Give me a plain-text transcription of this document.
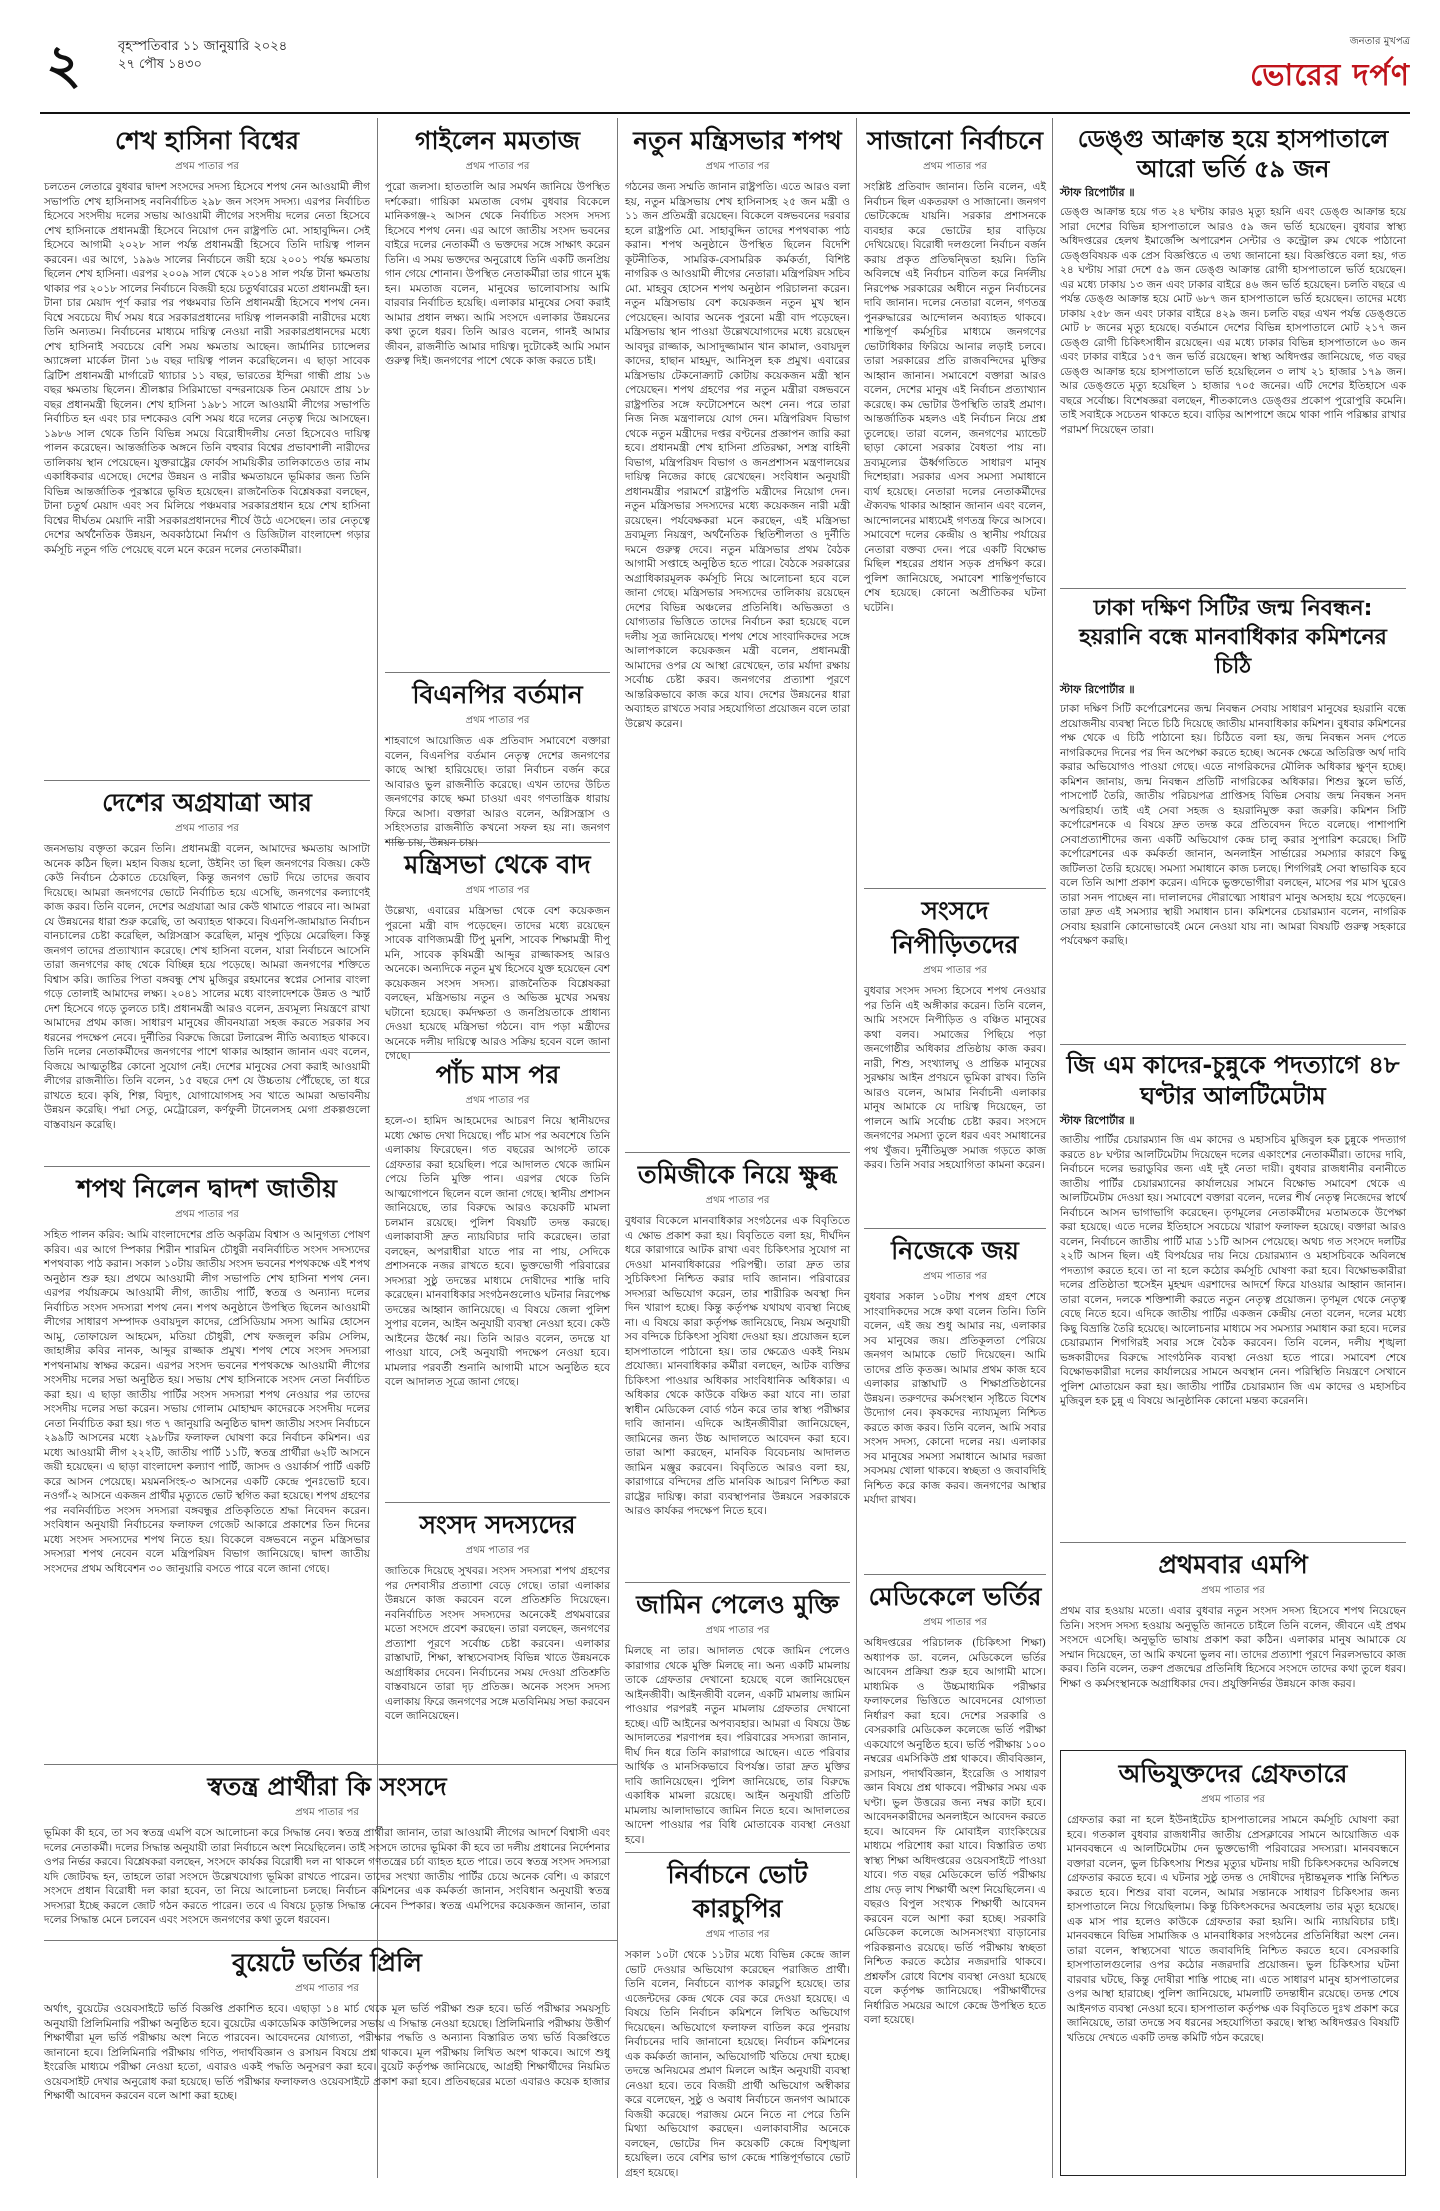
২	বৃহস্পতিবার ১১ জানুয়ারি ২০২৪
২৭ পৌষ ১৪৩০
জনতার মুখপত্র
ভোরের দর্পণ
শেখ হাসিনা বিশ্বের
প্রথম পাতার পর

চলতেন লেতারে বুধবার দ্বাদশ সংসদের সদস্য হিসেবে শপথ নেন আওয়ামী লীগ সভাপতি শেখ হাসিনাসহ নবনির্বাচিত ২৯৮ জন সংসদ সদস্য। এরপর নির্বাচিত হিসেবে সংসদীয় দলের সভায় আওয়ামী লীগের সংসদীয় দলের নেতা হিসেবে শেখ হাসিনাকে প্রধানমন্ত্রী হিসেবে নিয়োগ দেন রাষ্ট্রপতি মো. সাহাবুদ্দিন। সেই হিসেবে আগামী ২০২৮ সাল পর্যন্ত প্রধানমন্ত্রী হিসেবে তিনি দায়িত্ব পালন করবেন। এর আগে, ১৯৯৬ সালের নির্বাচনে জয়ী হয়ে ২০০১ পর্যন্ত ক্ষমতায় ছিলেন শেখ হাসিনা। এরপর ২০০৯ সাল থেকে ২০১৪ সাল পর্যন্ত টানা ক্ষমতায় থাকার পর ২০১৮ সালের নির্বাচনে বিজয়ী হয়ে চতুর্থবারের মতো প্রধানমন্ত্রী হন। টানা চার মেয়াদ পূর্ণ করার পর পঞ্চমবার তিনি প্রধানমন্ত্রী হিসেবে শপথ নেন। বিশ্বে সবচেয়ে দীর্ঘ সময় ধরে সরকারপ্রধানের দায়িত্ব পালনকারী নারীদের মধ্যে তিনি অন্যতম। নির্বাচনের মাধ্যমে দায়িত্ব নেওয়া নারী সরকারপ্রধানদের মধ্যে শেখ হাসিনাই সবচেয়ে বেশি সময় ক্ষমতায় আছেন। জার্মানির চ্যান্সেলর অ্যাঙ্গেলা মার্কেল টানা ১৬ বছর দায়িত্ব পালন করেছিলেন। এ ছাড়া সাবেক ব্রিটিশ প্রধানমন্ত্রী মার্গারেট থ্যাচার ১১ বছর, ভারতের ইন্দিরা গান্ধী প্রায় ১৬ বছর ক্ষমতায় ছিলেন। শ্রীলঙ্কার সিরিমাভো বন্দরনায়েক তিন মেয়াদে প্রায় ১৮ বছর প্রধানমন্ত্রী ছিলেন। শেখ হাসিনা ১৯৮১ সালে আওয়ামী লীগের সভাপতি নির্বাচিত হন এবং চার দশকেরও বেশি সময় ধরে দলের নেতৃত্ব দিয়ে আসছেন। ১৯৮৬ সাল থেকে তিনি বিভিন্ন সময়ে বিরোধীদলীয় নেতা হিসেবেও দায়িত্ব পালন করেছেন। আন্তর্জাতিক অঙ্গনে তিনি বহুবার বিশ্বের প্রভাবশালী নারীদের তালিকায় স্থান পেয়েছেন। যুক্তরাষ্ট্রের ফোর্বস সাময়িকীর তালিকাতেও তার নাম একাধিকবার এসেছে। দেশের উন্নয়ন ও নারীর ক্ষমতায়নে ভূমিকার জন্য তিনি বিভিন্ন আন্তর্জাতিক পুরস্কারে ভূষিত হয়েছেন। রাজনৈতিক বিশ্লেষকরা বলছেন, টানা চতুর্থ মেয়াদ এবং সব মিলিয়ে পঞ্চমবার সরকারপ্রধান হয়ে শেখ হাসিনা বিশ্বের দীর্ঘতম মেয়াদি নারী সরকারপ্রধানদের শীর্ষে উঠে এসেছেন। তার নেতৃত্বে দেশের অর্থনৈতিক উন্নয়ন, অবকাঠামো নির্মাণ ও ডিজিটাল বাংলাদেশ গড়ার কর্মসূচি নতুন গতি পেয়েছে বলে মনে করেন দলের নেতাকর্মীরা।

দেশের অগ্রযাত্রা আর
প্রথম পাতার পর

জনসভায় বক্তৃতা করেন তিনি। প্রধানমন্ত্রী বলেন, আমাদের ক্ষমতায় আসাটা অনেক কঠিন ছিল। মহান বিজয় হলো, উইনিং তা ছিল জনগণের বিজয়। কেউ কেউ নির্বাচন ঠেকাতে চেয়েছিল, কিন্তু জনগণ ভোট দিয়ে তাদের জবাব দিয়েছে। আমরা জনগণের ভোটে নির্বাচিত হয়ে এসেছি, জনগণের কল্যাণেই কাজ করব। তিনি বলেন, দেশের অগ্রযাত্রা আর কেউ থামাতে পারবে না। আমরা যে উন্নয়নের ধারা শুরু করেছি, তা অব্যাহত থাকবে। বিএনপি-জামায়াত নির্বাচন বানচালের চেষ্টা করেছিল, অগ্নিসন্ত্রাস করেছিল, মানুষ পুড়িয়ে মেরেছিল। কিন্তু জনগণ তাদের প্রত্যাখ্যান করেছে। শেখ হাসিনা বলেন, যারা নির্বাচনে আসেনি তারা জনগণের কাছ থেকে বিচ্ছিন্ন হয়ে পড়েছে। আমরা জনগণের শক্তিতে বিশ্বাস করি। জাতির পিতা বঙ্গবন্ধু শেখ মুজিবুর রহমানের স্বপ্নের সোনার বাংলা গড়ে তোলাই আমাদের লক্ষ্য। ২০৪১ সালের মধ্যে বাংলাদেশকে উন্নত ও স্মার্ট দেশ হিসেবে গড়ে তুলতে চাই। প্রধানমন্ত্রী আরও বলেন, দ্রব্যমূল্য নিয়ন্ত্রণে রাখা আমাদের প্রথম কাজ। সাধারণ মানুষের জীবনযাত্রা সহজ করতে সরকার সব ধরনের পদক্ষেপ নেবে। দুর্নীতির বিরুদ্ধে জিরো টলারেন্স নীতি অব্যাহত থাকবে। তিনি দলের নেতাকর্মীদের জনগণের পাশে থাকার আহ্বান জানান এবং বলেন, বিজয়ে আত্মতুষ্টির কোনো সুযোগ নেই। দেশের মানুষের সেবা করাই আওয়ামী লীগের রাজনীতি। তিনি বলেন, ১৫ বছরে দেশ যে উচ্চতায় পৌঁছেছে, তা ধরে রাখতে হবে। কৃষি, শিল্প, বিদ্যুৎ, যোগাযোগসহ সব খাতে আমরা অভাবনীয় উন্নয়ন করেছি। পদ্মা সেতু, মেট্রোরেল, কর্ণফুলী টানেলসহ মেগা প্রকল্পগুলো বাস্তবায়ন করেছি।

শপথ নিলেন দ্বাদশ জাতীয়
প্রথম পাতার পর

সহিত পালন করিব: আমি বাংলাদেশের প্রতি অকৃত্রিম বিশ্বাস ও আনুগত্য পোষণ করিব। এর আগে স্পিকার শিরীন শারমিন চৌধুরী নবনির্বাচিত সংসদ সদস্যদের শপথবাক্য পাঠ করান। সকাল ১০টায় জাতীয় সংসদ ভবনের শপথকক্ষে এই শপথ অনুষ্ঠান শুরু হয়। প্রথমে আওয়ামী লীগ সভাপতি শেখ হাসিনা শপথ নেন। এরপর পর্যায়ক্রমে আওয়ামী লীগ, জাতীয় পার্টি, স্বতন্ত্র ও অন্যান্য দলের নির্বাচিত সংসদ সদস্যরা শপথ নেন। শপথ অনুষ্ঠানে উপস্থিত ছিলেন আওয়ামী লীগের সাধারণ সম্পাদক ওবায়দুল কাদের, প্রেসিডিয়াম সদস্য আমির হোসেন আমু, তোফায়েল আহমেদ, মতিয়া চৌধুরী, শেখ ফজলুল করিম সেলিম, জাহাঙ্গীর কবির নানক, আব্দুর রাজ্জাক প্রমুখ। শপথ শেষে সংসদ সদস্যরা শপথনামায় স্বাক্ষর করেন। এরপর সংসদ ভবনের শপথকক্ষে আওয়ামী লীগের সংসদীয় দলের সভা অনুষ্ঠিত হয়। সভায় শেখ হাসিনাকে সংসদ নেতা নির্বাচিত করা হয়। এ ছাড়া জাতীয় পার্টির সংসদ সদস্যরা শপথ নেওয়ার পর তাদের সংসদীয় দলের সভা করেন। সভায় গোলাম মোহাম্মদ কাদেরকে সংসদীয় দলের নেতা নির্বাচিত করা হয়। গত ৭ জানুয়ারি অনুষ্ঠিত দ্বাদশ জাতীয় সংসদ নির্বাচনে ২৯৯টি আসনের মধ্যে ২৯৮টির ফলাফল ঘোষণা করে নির্বাচন কমিশন। এর মধ্যে আওয়ামী লীগ ২২২টি, জাতীয় পার্টি ১১টি, স্বতন্ত্র প্রার্থীরা ৬২টি আসনে জয়ী হয়েছেন। এ ছাড়া বাংলাদেশ কল্যাণ পার্টি, জাসদ ও ওয়ার্কার্স পার্টি একটি করে আসন পেয়েছে। ময়মনসিংহ-৩ আসনের একটি কেন্দ্রে পুনঃভোট হবে। নওগাঁ-২ আসনে একজন প্রার্থীর মৃত্যুতে ভোট স্থগিত করা হয়েছে। শপথ গ্রহণের পর নবনির্বাচিত সংসদ সদস্যরা বঙ্গবন্ধুর প্রতিকৃতিতে শ্রদ্ধা নিবেদন করেন। সংবিধান অনুযায়ী নির্বাচনের ফলাফল গেজেট আকারে প্রকাশের তিন দিনের মধ্যে সংসদ সদস্যদের শপথ নিতে হয়। বিকেলে বঙ্গভবনে নতুন মন্ত্রিসভার সদস্যরা শপথ নেবেন বলে মন্ত্রিপরিষদ বিভাগ জানিয়েছে। দ্বাদশ জাতীয় সংসদের প্রথম অধিবেশন ৩০ জানুয়ারি বসতে পারে বলে জানা গেছে।

স্বতন্ত্র প্রার্থীরা কি সংসদে
প্রথম পাতার পর

ভূমিকা কী হবে, তা সব স্বতন্ত্র এমপি বসে আলোচনা করে সিদ্ধান্ত নেব। স্বতন্ত্র প্রার্থীরা জানান, তারা আওয়ামী লীগের আদর্শে বিশ্বাসী এবং দলের নেতাকর্মী। দলের সিদ্ধান্ত অনুযায়ী তারা নির্বাচনে অংশ নিয়েছিলেন। তাই সংসদে তাদের ভূমিকা কী হবে তা দলীয় প্রধানের নির্দেশনার ওপর নির্ভর করবে। বিশ্লেষকরা বলছেন, সংসদে কার্যকর বিরোধী দল না থাকলে গণতন্ত্রের চর্চা ব্যাহত হতে পারে। তবে স্বতন্ত্র সংসদ সদস্যরা যদি জোটবদ্ধ হন, তাহলে তারা সংসদে উল্লেখযোগ্য ভূমিকা রাখতে পারেন। তাদের সংখ্যা জাতীয় পার্টির চেয়ে অনেক বেশি। এ কারণে সংসদে প্রধান বিরোধী দল কারা হবেন, তা নিয়ে আলোচনা চলছে। নির্বাচন কমিশনের এক কর্মকর্তা জানান, সংবিধান অনুযায়ী স্বতন্ত্র সদস্যরা ইচ্ছে করলে জোট গঠন করতে পারেন। তবে এ বিষয়ে চূড়ান্ত সিদ্ধান্ত নেবেন স্পিকার। স্বতন্ত্র এমপিদের কয়েকজন জানান, তারা দলের সিদ্ধান্ত মেনে চলবেন এবং সংসদে জনগণের কথা তুলে ধরবেন।

বুয়েটে ভর্তির প্রিলি
প্রথম পাতার পর

অর্থাৎ, বুয়েটের ওয়েবসাইটে ভর্তি বিজ্ঞপ্তি প্রকাশিত হবে। এছাড়া ১৪ মার্চ থেকে মূল ভর্তি পরীক্ষা শুরু হবে। ভর্তি পরীক্ষার সময়সূচি অনুযায়ী প্রিলিমিনারি পরীক্ষা অনুষ্ঠিত হবে। বুয়েটের একাডেমিক কাউন্সিলের সভায় এ সিদ্ধান্ত নেওয়া হয়েছে। প্রিলিমিনারি পরীক্ষায় উত্তীর্ণ শিক্ষার্থীরা মূল ভর্তি পরীক্ষায় অংশ নিতে পারবেন। আবেদনের যোগ্যতা, পরীক্ষার পদ্ধতি ও অন্যান্য বিস্তারিত তথ্য ভর্তি বিজ্ঞপ্তিতে জানানো হবে। প্রিলিমিনারি পরীক্ষায় গণিত, পদার্থবিজ্ঞান ও রসায়ন বিষয়ে প্রশ্ন থাকবে। মূল পরীক্ষায় লিখিত অংশ থাকবে। আগে শুধু ইংরেজি মাধ্যমে পরীক্ষা নেওয়া হতো, এবারও একই পদ্ধতি অনুসরণ করা হবে। বুয়েট কর্তৃপক্ষ জানিয়েছে, আগ্রহী শিক্ষার্থীদের নিয়মিত ওয়েবসাইট দেখার অনুরোধ করা হয়েছে। ভর্তি পরীক্ষার ফলাফলও ওয়েবসাইটে প্রকাশ করা হবে। প্রতিবছরের মতো এবারও কয়েক হাজার শিক্ষার্থী আবেদন করবেন বলে আশা করা হচ্ছে।

গাইলেন মমতাজ
প্রথম পাতার পর

পুরো জলসা। হাততালি আর সমর্থন জানিয়ে উপস্থিত দর্শকেরা। গায়িকা মমতাজ বেগম বুধবার বিকেলে মানিকগঞ্জ-২ আসন থেকে নির্বাচিত সংসদ সদস্য হিসেবে শপথ নেন। এর আগে জাতীয় সংসদ ভবনের বাইরে দলের নেতাকর্মী ও ভক্তদের সঙ্গে সাক্ষাৎ করেন তিনি। এ সময় ভক্তদের অনুরোধে তিনি একটি জনপ্রিয় গান গেয়ে শোনান। উপস্থিত নেতাকর্মীরা তার গানে মুগ্ধ হন। মমতাজ বলেন, মানুষের ভালোবাসায় আমি বারবার নির্বাচিত হয়েছি। এলাকার মানুষের সেবা করাই আমার প্রধান লক্ষ্য। আমি সংসদে এলাকার উন্নয়নের কথা তুলে ধরব। তিনি আরও বলেন, গানই আমার জীবন, রাজনীতি আমার দায়িত্ব। দুটোকেই আমি সমান গুরুত্ব দিই। জনগণের পাশে থেকে কাজ করতে চাই।

বিএনপির বর্তমান
প্রথম পাতার পর

শাহবাগে আয়োজিত এক প্রতিবাদ সমাবেশে বক্তারা বলেন, বিএনপির বর্তমান নেতৃত্ব দেশের জনগণের কাছে আস্থা হারিয়েছে। তারা নির্বাচন বর্জন করে আবারও ভুল রাজনীতি করেছে। এখন তাদের উচিত জনগণের কাছে ক্ষমা চাওয়া এবং গণতান্ত্রিক ধারায় ফিরে আসা। বক্তারা আরও বলেন, অগ্নিসন্ত্রাস ও সহিংসতার রাজনীতি কখনো সফল হয় না। জনগণ শান্তি চায়, উন্নয়ন চায়।

মন্ত্রিসভা থেকে বাদ
প্রথম পাতার পর

উল্লেখ্য, এবারের মন্ত্রিসভা থেকে বেশ কয়েকজন পুরনো মন্ত্রী বাদ পড়েছেন। তাদের মধ্যে রয়েছেন সাবেক বাণিজ্যমন্ত্রী টিপু মুনশি, সাবেক শিক্ষামন্ত্রী দীপু মনি, সাবেক কৃষিমন্ত্রী আব্দুর রাজ্জাকসহ আরও অনেকে। অন্যদিকে নতুন মুখ হিসেবে যুক্ত হয়েছেন বেশ কয়েকজন সংসদ সদস্য। রাজনৈতিক বিশ্লেষকরা বলছেন, মন্ত্রিসভায় নতুন ও অভিজ্ঞ মুখের সমন্বয় ঘটানো হয়েছে। কর্মদক্ষতা ও জনপ্রিয়তাকে প্রাধান্য দেওয়া হয়েছে মন্ত্রিসভা গঠনে। বাদ পড়া মন্ত্রীদের অনেকে দলীয় দায়িত্বে আরও সক্রিয় হবেন বলে জানা গেছে।

পাঁচ মাস পর
প্রথম পাতার পর

হলে-৩। হামিদ আহমেদের আচরণ নিয়ে স্থানীয়দের মধ্যে ক্ষোভ দেখা দিয়েছে। পাঁচ মাস পর অবশেষে তিনি এলাকায় ফিরেছেন। গত বছরের আগস্টে তাকে গ্রেফতার করা হয়েছিল। পরে আদালত থেকে জামিন পেয়ে তিনি মুক্তি পান। এরপর থেকে তিনি আত্মগোপনে ছিলেন বলে জানা গেছে। স্থানীয় প্রশাসন জানিয়েছে, তার বিরুদ্ধে আরও কয়েকটি মামলা চলমান রয়েছে। পুলিশ বিষয়টি তদন্ত করছে। এলাকাবাসী দ্রুত ন্যায়বিচার দাবি করেছেন। তারা বলছেন, অপরাধীরা যাতে পার না পায়, সেদিকে প্রশাসনকে নজর রাখতে হবে। ভুক্তভোগী পরিবারের সদস্যরা সুষ্ঠু তদন্তের মাধ্যমে দোষীদের শাস্তি দাবি করেছেন। মানবাধিকার সংগঠনগুলোও ঘটনার নিরপেক্ষ তদন্তের আহ্বান জানিয়েছে। এ বিষয়ে জেলা পুলিশ সুপার বলেন, আইন অনুযায়ী ব্যবস্থা নেওয়া হবে। কেউ আইনের ঊর্ধ্বে নয়। তিনি আরও বলেন, তদন্তে যা পাওয়া যাবে, সেই অনুযায়ী পদক্ষেপ নেওয়া হবে। মামলার পরবর্তী শুনানি আগামী মাসে অনুষ্ঠিত হবে বলে আদালত সূত্রে জানা গেছে।

সংসদ সদস্যদের
প্রথম পাতার পর

জাতিকে দিয়েছে সুখবর। সংসদ সদস্যরা শপথ গ্রহণের পর দেশবাসীর প্রত্যাশা বেড়ে গেছে। তারা এলাকার উন্নয়নে কাজ করবেন বলে প্রতিশ্রুতি দিয়েছেন। নবনির্বাচিত সংসদ সদস্যদের অনেকেই প্রথমবারের মতো সংসদে প্রবেশ করছেন। তারা বলছেন, জনগণের প্রত্যাশা পূরণে সর্বোচ্চ চেষ্টা করবেন। এলাকার রাস্তাঘাট, শিক্ষা, স্বাস্থ্যসেবাসহ বিভিন্ন খাতে উন্নয়নকে অগ্রাধিকার দেবেন। নির্বাচনের সময় দেওয়া প্রতিশ্রুতি বাস্তবায়নে তারা দৃঢ় প্রতিজ্ঞ। অনেক সংসদ সদস্য এলাকায় ফিরে জনগণের সঙ্গে মতবিনিময় সভা করবেন বলে জানিয়েছেন।

নতুন মন্ত্রিসভার শপথ
প্রথম পাতার পর

গঠনের জন্য সম্মতি জানান রাষ্ট্রপতি। এতে আরও বলা হয়, নতুন মন্ত্রিসভায় শেখ হাসিনাসহ ২৫ জন মন্ত্রী ও ১১ জন প্রতিমন্ত্রী রয়েছেন। বিকেলে বঙ্গভবনের দরবার হলে রাষ্ট্রপতি মো. সাহাবুদ্দিন তাদের শপথবাক্য পাঠ করান। শপথ অনুষ্ঠানে উপস্থিত ছিলেন বিদেশি কূটনীতিক, সামরিক-বেসামরিক কর্মকর্তা, বিশিষ্ট নাগরিক ও আওয়ামী লীগের নেতারা। মন্ত্রিপরিষদ সচিব মো. মাহবুব হোসেন শপথ অনুষ্ঠান পরিচালনা করেন। নতুন মন্ত্রিসভায় বেশ কয়েকজন নতুন মুখ স্থান পেয়েছেন। আবার অনেক পুরনো মন্ত্রী বাদ পড়েছেন। মন্ত্রিসভায় স্থান পাওয়া উল্লেখযোগ্যদের মধ্যে রয়েছেন আবদুর রাজ্জাক, আসাদুজ্জামান খান কামাল, ওবায়দুল কাদের, হাছান মাহমুদ, আনিসুল হক প্রমুখ। এবারের মন্ত্রিসভায় টেকনোক্র্যাট কোটায় কয়েকজন মন্ত্রী স্থান পেয়েছেন। শপথ গ্রহণের পর নতুন মন্ত্রীরা বঙ্গভবনে রাষ্ট্রপতির সঙ্গে ফটোসেশনে অংশ নেন। পরে তারা নিজ নিজ মন্ত্রণালয়ে যোগ দেন। মন্ত্রিপরিষদ বিভাগ থেকে নতুন মন্ত্রীদের দপ্তর বণ্টনের প্রজ্ঞাপন জারি করা হবে। প্রধানমন্ত্রী শেখ হাসিনা প্রতিরক্ষা, সশস্ত্র বাহিনী বিভাগ, মন্ত্রিপরিষদ বিভাগ ও জনপ্রশাসন মন্ত্রণালয়ের দায়িত্ব নিজের কাছে রেখেছেন। সংবিধান অনুযায়ী প্রধানমন্ত্রীর পরামর্শে রাষ্ট্রপতি মন্ত্রীদের নিয়োগ দেন। নতুন মন্ত্রিসভার সদস্যদের মধ্যে কয়েকজন নারী মন্ত্রী রয়েছেন। পর্যবেক্ষকরা মনে করছেন, এই মন্ত্রিসভা দ্রব্যমূল্য নিয়ন্ত্রণ, অর্থনৈতিক স্থিতিশীলতা ও দুর্নীতি দমনে গুরুত্ব দেবে। নতুন মন্ত্রিসভার প্রথম বৈঠক আগামী সপ্তাহে অনুষ্ঠিত হতে পারে। বৈঠকে সরকারের অগ্রাধিকারমূলক কর্মসূচি নিয়ে আলোচনা হবে বলে জানা গেছে। মন্ত্রিসভার সদস্যদের তালিকায় রয়েছেন দেশের বিভিন্ন অঞ্চলের প্রতিনিধি। অভিজ্ঞতা ও যোগ্যতার ভিত্তিতে তাদের নির্বাচন করা হয়েছে বলে দলীয় সূত্র জানিয়েছে। শপথ শেষে সাংবাদিকদের সঙ্গে আলাপকালে কয়েকজন মন্ত্রী বলেন, প্রধানমন্ত্রী আমাদের ওপর যে আস্থা রেখেছেন, তার মর্যাদা রক্ষায় সর্বোচ্চ চেষ্টা করব। জনগণের প্রত্যাশা পূরণে আন্তরিকভাবে কাজ করে যাব। দেশের উন্নয়নের ধারা অব্যাহত রাখতে সবার সহযোগিতা প্রয়োজন বলে তারা উল্লেখ করেন।

তমিজীকে নিয়ে ক্ষুব্ধ
প্রথম পাতার পর

বুধবার বিকেলে মানবাধিকার সংগঠনের এক বিবৃতিতে এ ক্ষোভ প্রকাশ করা হয়। বিবৃতিতে বলা হয়, দীর্ঘদিন ধরে কারাগারে আটক রাখা এবং চিকিৎসার সুযোগ না দেওয়া মানবাধিকারের পরিপন্থী। তারা দ্রুত তার সুচিকিৎসা নিশ্চিত করার দাবি জানান। পরিবারের সদস্যরা অভিযোগ করেন, তার শারীরিক অবস্থা দিন দিন খারাপ হচ্ছে। কিন্তু কর্তৃপক্ষ যথাযথ ব্যবস্থা নিচ্ছে না। এ বিষয়ে কারা কর্তৃপক্ষ জানিয়েছে, নিয়ম অনুযায়ী সব বন্দিকে চিকিৎসা সুবিধা দেওয়া হয়। প্রয়োজন হলে হাসপাতালে পাঠানো হয়। তার ক্ষেত্রেও একই নিয়ম প্রযোজ্য। মানবাধিকার কর্মীরা বলছেন, আটক ব্যক্তির চিকিৎসা পাওয়ার অধিকার সাংবিধানিক অধিকার। এ অধিকার থেকে কাউকে বঞ্চিত করা যাবে না। তারা স্বাধীন মেডিকেল বোর্ড গঠন করে তার স্বাস্থ্য পরীক্ষার দাবি জানান। এদিকে আইনজীবীরা জানিয়েছেন, জামিনের জন্য উচ্চ আদালতে আবেদন করা হবে। তারা আশা করছেন, মানবিক বিবেচনায় আদালত জামিন মঞ্জুর করবেন। বিবৃতিতে আরও বলা হয়, কারাগারে বন্দিদের প্রতি মানবিক আচরণ নিশ্চিত করা রাষ্ট্রের দায়িত্ব। কারা ব্যবস্থাপনার উন্নয়নে সরকারকে আরও কার্যকর পদক্ষেপ নিতে হবে।

জামিন পেলেও মুক্তি
প্রথম পাতার পর

মিলছে না তার। আদালত থেকে জামিন পেলেও কারাগার থেকে মুক্তি মিলছে না। অন্য একটি মামলায় তাকে গ্রেফতার দেখানো হয়েছে বলে জানিয়েছেন আইনজীবী। আইনজীবী বলেন, একটি মামলায় জামিন পাওয়ার পরপরই নতুন মামলায় গ্রেফতার দেখানো হচ্ছে। এটি আইনের অপব্যবহার। আমরা এ বিষয়ে উচ্চ আদালতের শরণাপন্ন হব। পরিবারের সদস্যরা জানান, দীর্ঘ দিন ধরে তিনি কারাগারে আছেন। এতে পরিবার আর্থিক ও মানসিকভাবে বিপর্যস্ত। তারা দ্রুত মুক্তির দাবি জানিয়েছেন। পুলিশ জানিয়েছে, তার বিরুদ্ধে একাধিক মামলা রয়েছে। আইন অনুযায়ী প্রতিটি মামলায় আলাদাভাবে জামিন নিতে হবে। আদালতের আদেশ পাওয়ার পর বিধি মোতাবেক ব্যবস্থা নেওয়া হবে।

নির্বাচনে ভোট কারচুপির
প্রথম পাতার পর

সকাল ১০টা থেকে ১১টার মধ্যে বিভিন্ন কেন্দ্রে জাল ভোট দেওয়ার অভিযোগ করেছেন পরাজিত প্রার্থী। তিনি বলেন, নির্বাচনে ব্যাপক কারচুপি হয়েছে। তার এজেন্টদের কেন্দ্র থেকে বের করে দেওয়া হয়েছে। এ বিষয়ে তিনি নির্বাচন কমিশনে লিখিত অভিযোগ দিয়েছেন। অভিযোগে ফলাফল বাতিল করে পুনরায় নির্বাচনের দাবি জানানো হয়েছে। নির্বাচন কমিশনের এক কর্মকর্তা জানান, অভিযোগটি খতিয়ে দেখা হচ্ছে। তদন্তে অনিয়মের প্রমাণ মিললে আইন অনুযায়ী ব্যবস্থা নেওয়া হবে। তবে বিজয়ী প্রার্থী অভিযোগ অস্বীকার করে বলেছেন, সুষ্ঠু ও অবাধ নির্বাচনে জনগণ আমাকে বিজয়ী করেছে। পরাজয় মেনে নিতে না পেরে তিনি মিথ্যা অভিযোগ করছেন। এলাকাবাসীর অনেকে বলছেন, ভোটের দিন কয়েকটি কেন্দ্রে বিশৃঙ্খলা হয়েছিল। তবে বেশির ভাগ কেন্দ্রে শান্তিপূর্ণভাবে ভোট গ্রহণ হয়েছে।

সাজানো নির্বাচনে
প্রথম পাতার পর

সংশ্লিষ্ট প্রতিবাদ জানান। তিনি বলেন, এই নির্বাচন ছিল একতরফা ও সাজানো। জনগণ ভোটকেন্দ্রে যায়নি। সরকার প্রশাসনকে ব্যবহার করে ভোটের হার বাড়িয়ে দেখিয়েছে। বিরোধী দলগুলো নির্বাচন বর্জন করায় প্রকৃত প্রতিদ্বন্দ্বিতা হয়নি। তিনি অবিলম্বে এই নির্বাচন বাতিল করে নির্দলীয় নিরপেক্ষ সরকারের অধীনে নতুন নির্বাচনের দাবি জানান। দলের নেতারা বলেন, গণতন্ত্র পুনরুদ্ধারের আন্দোলন অব্যাহত থাকবে। শান্তিপূর্ণ কর্মসূচির মাধ্যমে জনগণের ভোটাধিকার ফিরিয়ে আনার লড়াই চলবে। তারা সরকারের প্রতি রাজবন্দিদের মুক্তির আহ্বান জানান। সমাবেশে বক্তারা আরও বলেন, দেশের মানুষ এই নির্বাচন প্রত্যাখ্যান করেছে। কম ভোটার উপস্থিতি তারই প্রমাণ। আন্তর্জাতিক মহলও এই নির্বাচন নিয়ে প্রশ্ন তুলেছে। তারা বলেন, জনগণের ম্যান্ডেট ছাড়া কোনো সরকার বৈধতা পায় না। দ্রব্যমূল্যের ঊর্ধ্বগতিতে সাধারণ মানুষ দিশেহারা। সরকার এসব সমস্যা সমাধানে ব্যর্থ হয়েছে। নেতারা দলের নেতাকর্মীদের ঐক্যবদ্ধ থাকার আহ্বান জানান এবং বলেন, আন্দোলনের মাধ্যমেই গণতন্ত্র ফিরে আসবে। সমাবেশে দলের কেন্দ্রীয় ও স্থানীয় পর্যায়ের নেতারা বক্তব্য দেন। পরে একটি বিক্ষোভ মিছিল শহরের প্রধান সড়ক প্রদক্ষিণ করে। পুলিশ জানিয়েছে, সমাবেশ শান্তিপূর্ণভাবে শেষ হয়েছে। কোনো অপ্রীতিকর ঘটনা ঘটেনি।

সংসদে নিপীড়িতদের
প্রথম পাতার পর

বুধবার সংসদ সদস্য হিসেবে শপথ নেওয়ার পর তিনি এই অঙ্গীকার করেন। তিনি বলেন, আমি সংসদে নিপীড়িত ও বঞ্চিত মানুষের কথা বলব। সমাজের পিছিয়ে পড়া জনগোষ্ঠীর অধিকার প্রতিষ্ঠায় কাজ করব। নারী, শিশু, সংখ্যালঘু ও প্রান্তিক মানুষের সুরক্ষায় আইন প্রণয়নে ভূমিকা রাখব। তিনি আরও বলেন, আমার নির্বাচনী এলাকার মানুষ আমাকে যে দায়িত্ব দিয়েছেন, তা পালনে আমি সর্বোচ্চ চেষ্টা করব। সংসদে জনগণের সমস্যা তুলে ধরব এবং সমাধানের পথ খুঁজব। দুর্নীতিমুক্ত সমাজ গড়তে কাজ করব। তিনি সবার সহযোগিতা কামনা করেন।

নিজেকে জয়
প্রথম পাতার পর

বুধবার সকাল ১০টায় শপথ গ্রহণ শেষে সাংবাদিকদের সঙ্গে কথা বলেন তিনি। তিনি বলেন, এই জয় শুধু আমার নয়, এলাকার সব মানুষের জয়। প্রতিকূলতা পেরিয়ে জনগণ আমাকে ভোট দিয়েছেন। আমি তাদের প্রতি কৃতজ্ঞ। আমার প্রথম কাজ হবে এলাকার রাস্তাঘাট ও শিক্ষাপ্রতিষ্ঠানের উন্নয়ন। তরুণদের কর্মসংস্থান সৃষ্টিতে বিশেষ উদ্যোগ নেব। কৃষকদের ন্যায্যমূল্য নিশ্চিত করতে কাজ করব। তিনি বলেন, আমি সবার সংসদ সদস্য, কোনো দলের নয়। এলাকার সব মানুষের সমস্যা সমাধানে আমার দরজা সবসময় খোলা থাকবে। স্বচ্ছতা ও জবাবদিহি নিশ্চিত করে কাজ করব। জনগণের আস্থার মর্যাদা রাখব।

মেডিকেলে ভর্তির
প্রথম পাতার পর

অধিদপ্তরের পরিচালক (চিকিৎসা শিক্ষা) অধ্যাপক ডা. বলেন, মেডিকেলে ভর্তির আবেদন প্রক্রিয়া শুরু হবে আগামী মাসে। মাধ্যমিক ও উচ্চমাধ্যমিক পরীক্ষার ফলাফলের ভিত্তিতে আবেদনের যোগ্যতা নির্ধারণ করা হবে। দেশের সরকারি ও বেসরকারি মেডিকেল কলেজে ভর্তি পরীক্ষা একযোগে অনুষ্ঠিত হবে। ভর্তি পরীক্ষায় ১০০ নম্বরের এমসিকিউ প্রশ্ন থাকবে। জীববিজ্ঞান, রসায়ন, পদার্থবিজ্ঞান, ইংরেজি ও সাধারণ জ্ঞান বিষয়ে প্রশ্ন থাকবে। পরীক্ষার সময় এক ঘণ্টা। ভুল উত্তরের জন্য নম্বর কাটা হবে। আবেদনকারীদের অনলাইনে আবেদন করতে হবে। আবেদন ফি মোবাইল ব্যাংকিংয়ের মাধ্যমে পরিশোধ করা যাবে। বিস্তারিত তথ্য স্বাস্থ্য শিক্ষা অধিদপ্তরের ওয়েবসাইটে পাওয়া যাবে। গত বছর মেডিকেলে ভর্তি পরীক্ষায় প্রায় দেড় লাখ শিক্ষার্থী অংশ নিয়েছিলেন। এ বছরও বিপুল সংখ্যক শিক্ষার্থী আবেদন করবেন বলে আশা করা হচ্ছে। সরকারি মেডিকেল কলেজে আসনসংখ্যা বাড়ানোর পরিকল্পনাও রয়েছে। ভর্তি পরীক্ষায় স্বচ্ছতা নিশ্চিত করতে কঠোর নজরদারি থাকবে। প্রশ্নফাঁস রোধে বিশেষ ব্যবস্থা নেওয়া হয়েছে বলে কর্তৃপক্ষ জানিয়েছে। পরীক্ষার্থীদের নির্ধারিত সময়ের আগে কেন্দ্রে উপস্থিত হতে বলা হয়েছে।

ডেঙ্গু আক্রান্ত হয়ে হাসপাতালে আরো ভর্তি ৫৯ জন
স্টাফ রিপোর্টার ॥

ডেঙ্গু আক্রান্ত হয়ে গত ২৪ ঘণ্টায় কারও মৃত্যু হয়নি এবং ডেঙ্গু আক্রান্ত হয়ে সারা দেশের বিভিন্ন হাসপাতালে আরও ৫৯ জন ভর্তি হয়েছেন। বুধবার স্বাস্থ্য অধিদপ্তরের হেলথ ইমার্জেন্সি অপারেশন সেন্টার ও কন্ট্রোল রুম থেকে পাঠানো ডেঙ্গুবিষয়ক এক প্রেস বিজ্ঞপ্তিতে এ তথ্য জানানো হয়। বিজ্ঞপ্তিতে বলা হয়, গত ২৪ ঘণ্টায় সারা দেশে ৫৯ জন ডেঙ্গু আক্রান্ত রোগী হাসপাতালে ভর্তি হয়েছেন। এর মধ্যে ঢাকায় ১৩ জন এবং ঢাকার বাইরে ৪৬ জন ভর্তি হয়েছেন। চলতি বছরে এ পর্যন্ত ডেঙ্গু আক্রান্ত হয়ে মোট ৬৮৭ জন হাসপাতালে ভর্তি হয়েছেন। তাদের মধ্যে ঢাকায় ২৫৮ জন এবং ঢাকার বাইরে ৪২৯ জন। চলতি বছর এখন পর্যন্ত ডেঙ্গুতে মোট ৮ জনের মৃত্যু হয়েছে। বর্তমানে দেশের বিভিন্ন হাসপাতালে মোট ২১৭ জন ডেঙ্গু রোগী চিকিৎসাধীন রয়েছেন। এর মধ্যে ঢাকার বিভিন্ন হাসপাতালে ৬০ জন এবং ঢাকার বাইরে ১৫৭ জন ভর্তি রয়েছেন। স্বাস্থ্য অধিদপ্তর জানিয়েছে, গত বছর ডেঙ্গু আক্রান্ত হয়ে হাসপাতালে ভর্তি হয়েছিলেন ৩ লাখ ২১ হাজার ১৭৯ জন। আর ডেঙ্গুতে মৃত্যু হয়েছিল ১ হাজার ৭০৫ জনের। এটি দেশের ইতিহাসে এক বছরে সর্বোচ্চ। বিশেষজ্ঞরা বলছেন, শীতকালেও ডেঙ্গুর প্রকোপ পুরোপুরি কমেনি। তাই সবাইকে সচেতন থাকতে হবে। বাড়ির আশপাশে জমে থাকা পানি পরিষ্কার রাখার পরামর্শ দিয়েছেন তারা।

ঢাকা দক্ষিণ সিটির জন্ম নিবন্ধন: হয়রানি বন্ধে মানবাধিকার কমিশনের চিঠি
স্টাফ রিপোর্টার ॥

ঢাকা দক্ষিণ সিটি কর্পোরেশনের জন্ম নিবন্ধন সেবায় সাধারণ মানুষের হয়রানি বন্ধে প্রয়োজনীয় ব্যবস্থা নিতে চিঠি দিয়েছে জাতীয় মানবাধিকার কমিশন। বুধবার কমিশনের পক্ষ থেকে এ চিঠি পাঠানো হয়। চিঠিতে বলা হয়, জন্ম নিবন্ধন সনদ পেতে নাগরিকদের দিনের পর দিন অপেক্ষা করতে হচ্ছে। অনেক ক্ষেত্রে অতিরিক্ত অর্থ দাবি করার অভিযোগও পাওয়া গেছে। এতে নাগরিকদের মৌলিক অধিকার ক্ষুণ্ন হচ্ছে। কমিশন জানায়, জন্ম নিবন্ধন প্রতিটি নাগরিকের অধিকার। শিশুর স্কুলে ভর্তি, পাসপোর্ট তৈরি, জাতীয় পরিচয়পত্র প্রাপ্তিসহ বিভিন্ন সেবায় জন্ম নিবন্ধন সনদ অপরিহার্য। তাই এই সেবা সহজ ও হয়রানিমুক্ত করা জরুরি। কমিশন সিটি কর্পোরেশনকে এ বিষয়ে দ্রুত তদন্ত করে প্রতিবেদন দিতে বলেছে। পাশাপাশি সেবাপ্রত্যাশীদের জন্য একটি অভিযোগ কেন্দ্র চালু করার সুপারিশ করেছে। সিটি কর্পোরেশনের এক কর্মকর্তা জানান, অনলাইন সার্ভারের সমস্যার কারণে কিছু জটিলতা তৈরি হয়েছে। সমস্যা সমাধানে কাজ চলছে। শিগগিরই সেবা স্বাভাবিক হবে বলে তিনি আশা প্রকাশ করেন। এদিকে ভুক্তভোগীরা বলছেন, মাসের পর মাস ঘুরেও তারা সনদ পাচ্ছেন না। দালালদের দৌরাত্ম্যে সাধারণ মানুষ অসহায় হয়ে পড়েছেন। তারা দ্রুত এই সমস্যার স্থায়ী সমাধান চান। কমিশনের চেয়ারম্যান বলেন, নাগরিক সেবায় হয়রানি কোনোভাবেই মেনে নেওয়া যায় না। আমরা বিষয়টি গুরুত্ব সহকারে পর্যবেক্ষণ করছি।

জি এম কাদের-চুন্নুকে পদত্যাগে ৪৮ ঘণ্টার আলটিমেটাম
স্টাফ রিপোর্টার ॥

জাতীয় পার্টির চেয়ারম্যান জি এম কাদের ও মহাসচিব মুজিবুল হক চুন্নুকে পদত্যাগ করতে ৪৮ ঘণ্টার আলটিমেটাম দিয়েছেন দলের একাংশের নেতাকর্মীরা। তাদের দাবি, নির্বাচনে দলের ভরাডুবির জন্য এই দুই নেতা দায়ী। বুধবার রাজধানীর বনানীতে জাতীয় পার্টির চেয়ারম্যানের কার্যালয়ের সামনে বিক্ষোভ সমাবেশ থেকে এ আলটিমেটাম দেওয়া হয়। সমাবেশে বক্তারা বলেন, দলের শীর্ষ নেতৃত্ব নিজেদের স্বার্থে নির্বাচনে আসন ভাগাভাগি করেছেন। তৃণমূলের নেতাকর্মীদের মতামতকে উপেক্ষা করা হয়েছে। এতে দলের ইতিহাসে সবচেয়ে খারাপ ফলাফল হয়েছে। বক্তারা আরও বলেন, নির্বাচনে জাতীয় পার্টি মাত্র ১১টি আসন পেয়েছে। অথচ গত সংসদে দলটির ২২টি আসন ছিল। এই বিপর্যয়ের দায় নিয়ে চেয়ারম্যান ও মহাসচিবকে অবিলম্বে পদত্যাগ করতে হবে। তা না হলে কঠোর কর্মসূচি ঘোষণা করা হবে। বিক্ষোভকারীরা দলের প্রতিষ্ঠাতা হুসেইন মুহম্মদ এরশাদের আদর্শে ফিরে যাওয়ার আহ্বান জানান। তারা বলেন, দলকে শক্তিশালী করতে নতুন নেতৃত্ব প্রয়োজন। তৃণমূল থেকে নেতৃত্ব বেছে নিতে হবে। এদিকে জাতীয় পার্টির একজন কেন্দ্রীয় নেতা বলেন, দলের মধ্যে কিছু বিভ্রান্তি তৈরি হয়েছে। আলোচনার মাধ্যমে সব সমস্যার সমাধান করা হবে। দলের চেয়ারম্যান শিগগিরই সবার সঙ্গে বৈঠক করবেন। তিনি বলেন, দলীয় শৃঙ্খলা ভঙ্গকারীদের বিরুদ্ধে সাংগঠনিক ব্যবস্থা নেওয়া হতে পারে। সমাবেশ শেষে বিক্ষোভকারীরা দলের কার্যালয়ের সামনে অবস্থান নেন। পরিস্থিতি নিয়ন্ত্রণে সেখানে পুলিশ মোতায়েন করা হয়। জাতীয় পার্টির চেয়ারম্যান জি এম কাদের ও মহাসচিব মুজিবুল হক চুন্নু এ বিষয়ে আনুষ্ঠানিক কোনো মন্তব্য করেননি।

প্রথমবার এমপি
প্রথম পাতার পর

প্রথম বার হওয়ায় মতো। এবার বুধবার নতুন সংসদ সদস্য হিসেবে শপথ নিয়েছেন তিনি। সংসদ সদস্য হওয়ায় অনুভূতি জানতে চাইলে তিনি বলেন, জীবনে এই প্রথম সংসদে এসেছি। অনুভূতি ভাষায় প্রকাশ করা কঠিন। এলাকার মানুষ আমাকে যে সম্মান দিয়েছেন, তা আমি কখনো ভুলব না। তাদের প্রত্যাশা পূরণে নিরলসভাবে কাজ করব। তিনি বলেন, তরুণ প্রজন্মের প্রতিনিধি হিসেবে সংসদে তাদের কথা তুলে ধরব। শিক্ষা ও কর্মসংস্থানকে অগ্রাধিকার দেব। প্রযুক্তিনির্ভর উন্নয়নে কাজ করব।

অভিযুক্তদের গ্রেফতারে
প্রথম পাতার পর

গ্রেফতার করা না হলে ইউনাইটেড হাসপাতালের সামনে কর্মসূচি ঘোষণা করা হবে। গতকাল বুধবার রাজধানীর জাতীয় প্রেসক্লাবের সামনে আয়োজিত এক মানববন্ধনে এ আলটিমেটাম দেন ভুক্তভোগী পরিবারের সদস্যরা। মানববন্ধনে বক্তারা বলেন, ভুল চিকিৎসায় শিশুর মৃত্যুর ঘটনায় দায়ী চিকিৎসকদের অবিলম্বে গ্রেফতার করতে হবে। এ ঘটনার সুষ্ঠু তদন্ত ও দোষীদের দৃষ্টান্তমূলক শাস্তি নিশ্চিত করতে হবে। শিশুর বাবা বলেন, আমার সন্তানকে সাধারণ চিকিৎসার জন্য হাসপাতালে নিয়ে গিয়েছিলাম। কিন্তু চিকিৎসকদের অবহেলায় তার মৃত্যু হয়েছে। এক মাস পার হলেও কাউকে গ্রেফতার করা হয়নি। আমি ন্যায়বিচার চাই। মানববন্ধনে বিভিন্ন সামাজিক ও মানবাধিকার সংগঠনের প্রতিনিধিরা অংশ নেন। তারা বলেন, স্বাস্থ্যসেবা খাতে জবাবদিহি নিশ্চিত করতে হবে। বেসরকারি হাসপাতালগুলোর ওপর কঠোর নজরদারি প্রয়োজন। ভুল চিকিৎসার ঘটনা বারবার ঘটছে, কিন্তু দোষীরা শাস্তি পাচ্ছে না। এতে সাধারণ মানুষ হাসপাতালের ওপর আস্থা হারাচ্ছে। পুলিশ জানিয়েছে, মামলাটি তদন্তাধীন রয়েছে। তদন্ত শেষে আইনগত ব্যবস্থা নেওয়া হবে। হাসপাতাল কর্তৃপক্ষ এক বিবৃতিতে দুঃখ প্রকাশ করে জানিয়েছে, তারা তদন্তে সব ধরনের সহযোগিতা করছে। স্বাস্থ্য অধিদপ্তরও বিষয়টি খতিয়ে দেখতে একটি তদন্ত কমিটি গঠন করেছে।
